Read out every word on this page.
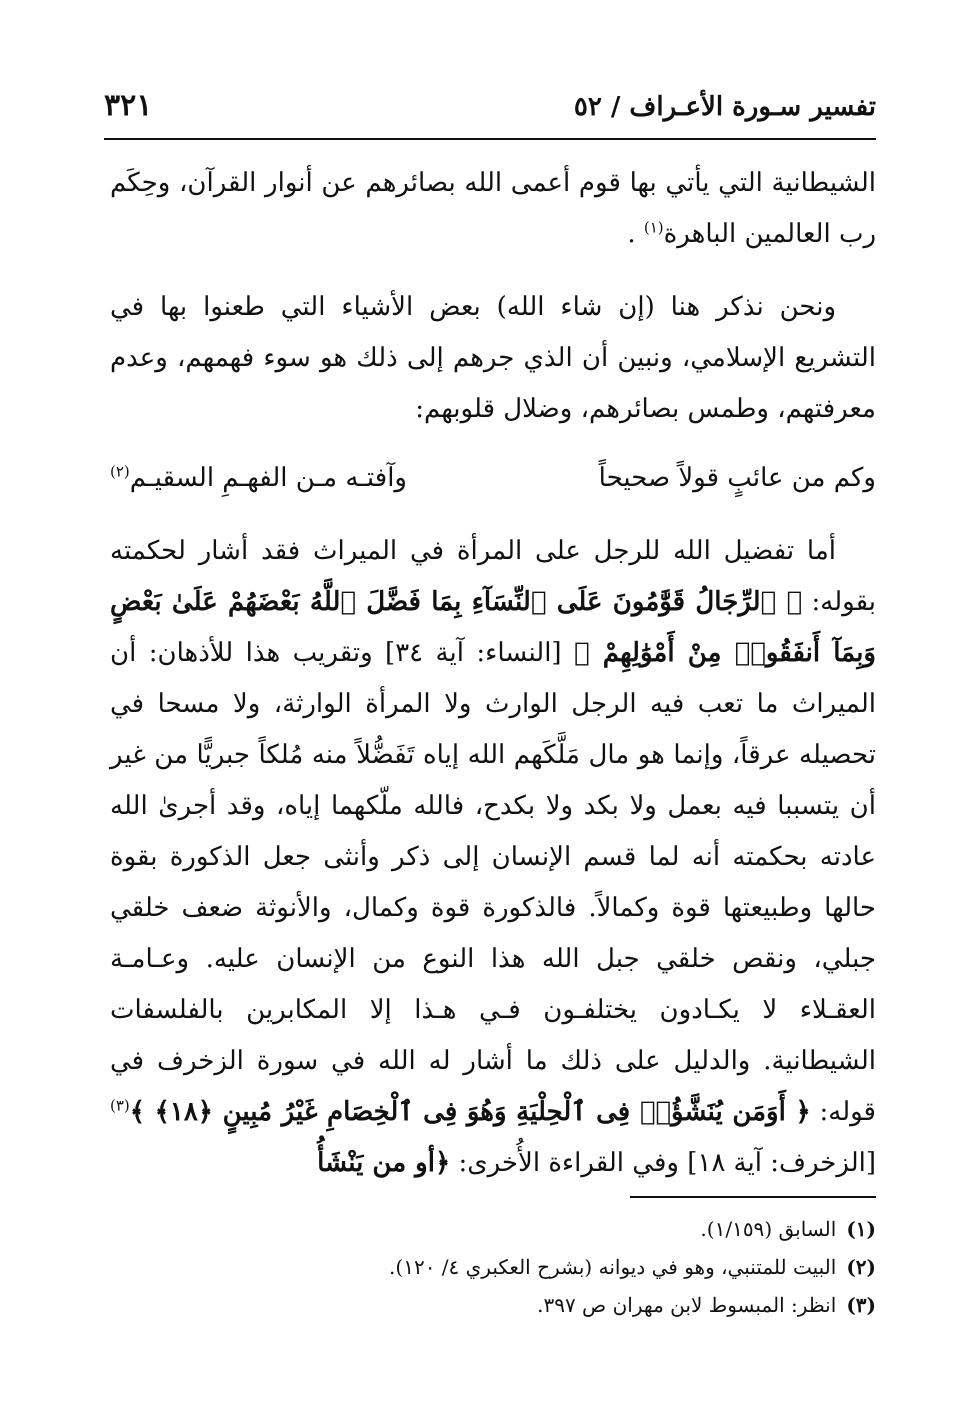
تفسير سـورة الأعـراف / ٥٢
٣٢١

الشيطانية التي يأتي بها قوم أعمى الله بصائرهم عن أنوار القرآن، وحِكَم رب العالمين الباهرة$^{(١)}$ .

ونحن نذكر هنا (إن شاء الله) بعض الأشياء التي طعنوا بها في التشريع الإسلامي، ونبين أن الذي جرهم إلى ذلك هو سوء فهمهم، وعدم معرفتهم، وطمس بصائرهم، وضلال قلوبهم:

وكم من عائبٍ قولاً صحيحاً
وآفتـه مـن الفهـمِ السقيـم$^{(٢)}$

أما تفضيل الله للرجل على المرأة في الميراث فقد أشار لحكمته بقوله: ﴿ ٱلرِّجَالُ قَوَّٰمُونَ عَلَى ٱلنِّسَآءِ بِمَا فَضَّلَ ٱللَّهُ بَعْضَهُمْ عَلَىٰ بَعْضٍ وَبِمَآ أَنفَقُوا۟ مِنْ أَمْوَٰلِهِمْ ﴾ [النساء: آية ٣٤] وتقريب هذا للأذهان: أن الميراث ما تعب فيه الرجل الوارث ولا المرأة الوارثة، ولا مسحا في تحصيله عرقاً، وإنما هو مال مَلَّكَهم الله إياه تَفَضُّلاً منه مُلكاً جبريًّا من غير أن يتسببا فيه بعمل ولا بكد ولا بكدح، فالله ملّكهما إياه، وقد أجرىٰ الله عادته بحكمته أنه لما قسم الإنسان إلى ذكر وأنثى جعل الذكورة بقوة حالها وطبيعتها قوة وكمالاً. فالذكورة قوة وكمال، والأنوثة ضعف خلقي جبلي، ونقص خلقي جبل الله هذا النوع من الإنسان عليه. وعـامـة العقـلاء لا يكـادون يختلفـون فـي هـذا إلا المكابرين بالفلسفات الشيطانية. والدليل على ذلك ما أشار له الله في سورة الزخرف في قوله: ﴿ أَوَمَن يُنَشَّؤُا۟ فِى ٱلْحِلْيَةِ وَهُوَ فِى ٱلْخِصَامِ غَيْرُ مُبِينٍ ﴿١٨﴾ ﴾$^{(٣)}$ [الزخرف: آية ١٨] وفي القراءة الأُخرى: ﴿أو من يَنْشَأُ

(١)السابق (١/١٥٩).
(٢)البيت للمتنبي، وهو في ديوانه (بشرح العكبري ٤/ ١٢٠).
(٣)انظر: المبسوط لابن مهران ص ٣٩٧.
